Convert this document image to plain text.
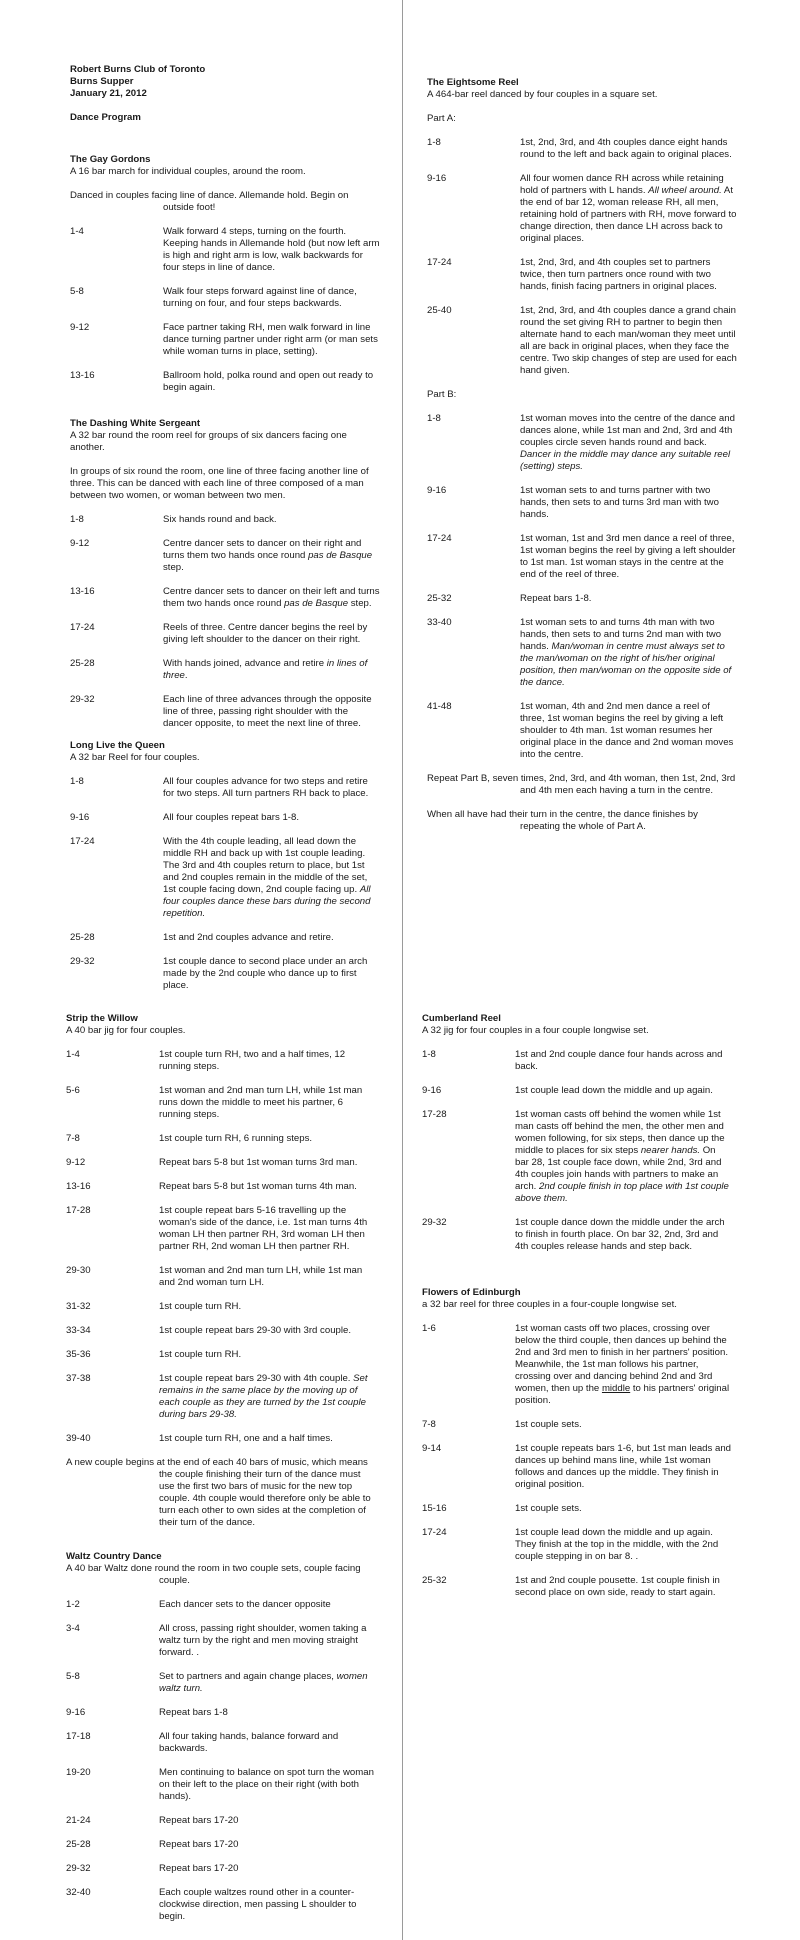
Robert Burns Club of Toronto
Burns Supper
January 21, 2012
Dance Program
The Gay Gordons
A 16 bar march for individual couples, around the room.
Danced in couples facing line of dance. Allemande hold. Begin on outside foot!
1-4	Walk forward 4 steps, turning on the fourth. Keeping hands in Allemande hold (but now left arm is high and right arm is low, walk backwards for four steps in line of dance.
5-8	Walk four steps forward against line of dance, turning on four, and four steps backwards.
9-12	Face partner taking RH, men walk forward in line dance turning partner under right arm (or man sets while woman turns in place, setting).
13-16	Ballroom hold, polka round and open out ready to begin again.
The Dashing White Sergeant
A 32 bar round the room reel for groups of six dancers facing one another.
In groups of six round the room, one line of three facing another line of three. This can be danced with each line of three composed of a man between two women, or woman between two men.
1-8	Six hands round and back.
9-12	Centre dancer sets to dancer on their right and turns them two hands once round pas de Basque step.
13-16	Centre dancer sets to dancer on their left and turns them two hands once round pas de Basque step.
17-24	Reels of three. Centre dancer begins the reel by giving left shoulder to the dancer on their right.
25-28	With hands joined, advance and retire in lines of three.
29-32	Each line of three advances through the opposite line of three, passing right shoulder with the dancer opposite, to meet the next line of three.
Long Live the Queen
A 32 bar Reel for four couples.
1-8	All four couples advance for two steps and retire for two steps. All turn partners RH back to place.
9-16	All four couples repeat bars 1-8.
17-24	With the 4th couple leading, all lead down the middle RH and back up with 1st couple leading. The 3rd and 4th couples return to place, but 1st and 2nd couples remain in the middle of the set, 1st couple facing down, 2nd couple facing up. All four couples dance these bars during the second repetition.
25-28	1st and 2nd couples advance and retire.
29-32	1st couple dance to second place under an arch made by the 2nd couple who dance up to first place.
The Eightsome Reel
A 464-bar reel danced by four couples in a square set.
Part A:
1-8	1st, 2nd, 3rd, and 4th couples dance eight hands round to the left and back again to original places.
9-16	All four women dance RH across while retaining hold of partners with L hands. All wheel around. At the end of bar 12, woman release RH, all men, retaining hold of partners with RH, move forward to change direction, then dance LH across back to original places.
17-24	1st, 2nd, 3rd, and 4th couples set to partners twice, then turn partners once round with two hands, finish facing partners in original places.
25-40	1st, 2nd, 3rd, and 4th couples dance a grand chain round the set giving RH to partner to begin then alternate hand to each man/woman they meet until all are back in original places, when they face the centre. Two skip changes of step are used for each hand given.
Part B:
1-8	1st woman moves into the centre of the dance and dances alone, while 1st man and 2nd, 3rd and 4th couples circle seven hands round and back. Dancer in the middle may dance any suitable reel (setting) steps.
9-16	1st woman sets to and turns partner with two hands, then sets to and turns 3rd man with two hands.
17-24	1st woman, 1st and 3rd men dance a reel of three, 1st woman begins the reel by giving a left shoulder to 1st man. 1st woman stays in the centre at the end of the reel of three.
25-32	Repeat bars 1-8.
33-40	1st woman sets to and turns 4th man with two hands, then sets to and turns 2nd man with two hands. Man/woman in centre must always set to the man/woman on the right of his/her original position, then man/woman on the opposite side of the dance.
41-48	1st woman, 4th and 2nd men dance a reel of three, 1st woman begins the reel by giving a left shoulder to 4th man. 1st woman resumes her original place in the dance and 2nd woman moves into the centre.
Repeat Part B, seven times, 2nd, 3rd, and 4th woman, then 1st, 2nd, 3rd and 4th men each having a turn in the centre.
When all have had their turn in the centre, the dance finishes by repeating the whole of Part A.
Strip the Willow
A 40 bar jig for four couples.
1-4	1st couple turn RH, two and a half times, 12 running steps.
5-6	1st woman and 2nd man turn LH, while 1st man runs down the middle to meet his partner, 6 running steps.
7-8	1st couple turn RH, 6 running steps.
9-12	Repeat bars 5-8 but 1st woman turns 3rd man.
13-16	Repeat bars 5-8 but 1st woman turns 4th man.
17-28	1st couple repeat bars 5-16 travelling up the woman's side of the dance, i.e. 1st man turns 4th woman LH then partner RH, 3rd woman LH then partner RH, 2nd woman LH then partner RH.
29-30	1st woman and 2nd man turn LH, while 1st man and 2nd woman turn LH.
31-32	1st couple turn RH.
33-34	1st couple repeat bars 29-30 with 3rd couple.
35-36	1st couple turn RH.
37-38	1st couple repeat bars 29-30 with 4th couple. Set remains in the same place by the moving up of each couple as they are turned by the 1st couple during bars 29-38.
39-40	1st couple turn RH, one and a half times.
A new couple begins at the end of each 40 bars of music, which means the couple finishing their turn of the dance must use the first two bars of music for the new top couple. 4th couple would therefore only be able to turn each other to own sides at the completion of their turn of the dance.
Waltz Country Dance
A 40 bar Waltz done round the room in two couple sets, couple facing couple.
1-2	Each dancer sets to the dancer opposite
3-4	All cross, passing right shoulder, women taking a waltz turn by the right and men moving straight forward. .
5-8	Set to partners and again change places, women waltz turn.
9-16	Repeat bars 1-8
17-18	All four taking hands, balance forward and backwards.
19-20	Men continuing to balance on spot turn the woman on their left to the place on their right (with both hands).
21-24	Repeat bars 17-20
25-28	Repeat bars 17-20
29-32	Repeat bars 17-20
32-40	Each couple waltzes round other in a counter-clockwise direction, men passing L shoulder to begin.
Cumberland Reel
A 32 jig for four couples in a four couple longwise set.
1-8	1st and 2nd couple dance four hands across and back.
9-16	1st couple lead down the middle and up again.
17-28	1st woman casts off behind the women while 1st man casts off behind the men, the other men and women following, for six steps, then dance up the middle to places for six steps nearer hands. On bar 28, 1st couple face down, while 2nd, 3rd and 4th couples join hands with partners to make an arch. 2nd couple finish in top place with 1st couple above them.
29-32	1st couple dance down the middle under the arch to finish in fourth place. On bar 32, 2nd, 3rd and 4th couples release hands and step back.
Flowers of Edinburgh
a 32 bar reel for three couples in a four-couple longwise set.
1-6	1st woman casts off two places, crossing over below the third couple, then dances up behind the 2nd and 3rd men to finish in her partners' position. Meanwhile, the 1st man follows his partner, crossing over and dancing behind 2nd and 3rd women, then up the middle to his partners' original position.
7-8	1st couple sets.
9-14	1st couple repeats bars 1-6, but 1st man leads and dances up behind mans line, while 1st woman follows and dances up the middle. They finish in original position.
15-16	1st couple sets.
17-24	1st couple lead down the middle and up again. They finish at the top in the middle, with the 2nd couple stepping in on bar 8. .
25-32	1st and 2nd couple pousette. 1st couple finish in second place on own side, ready to start again.
